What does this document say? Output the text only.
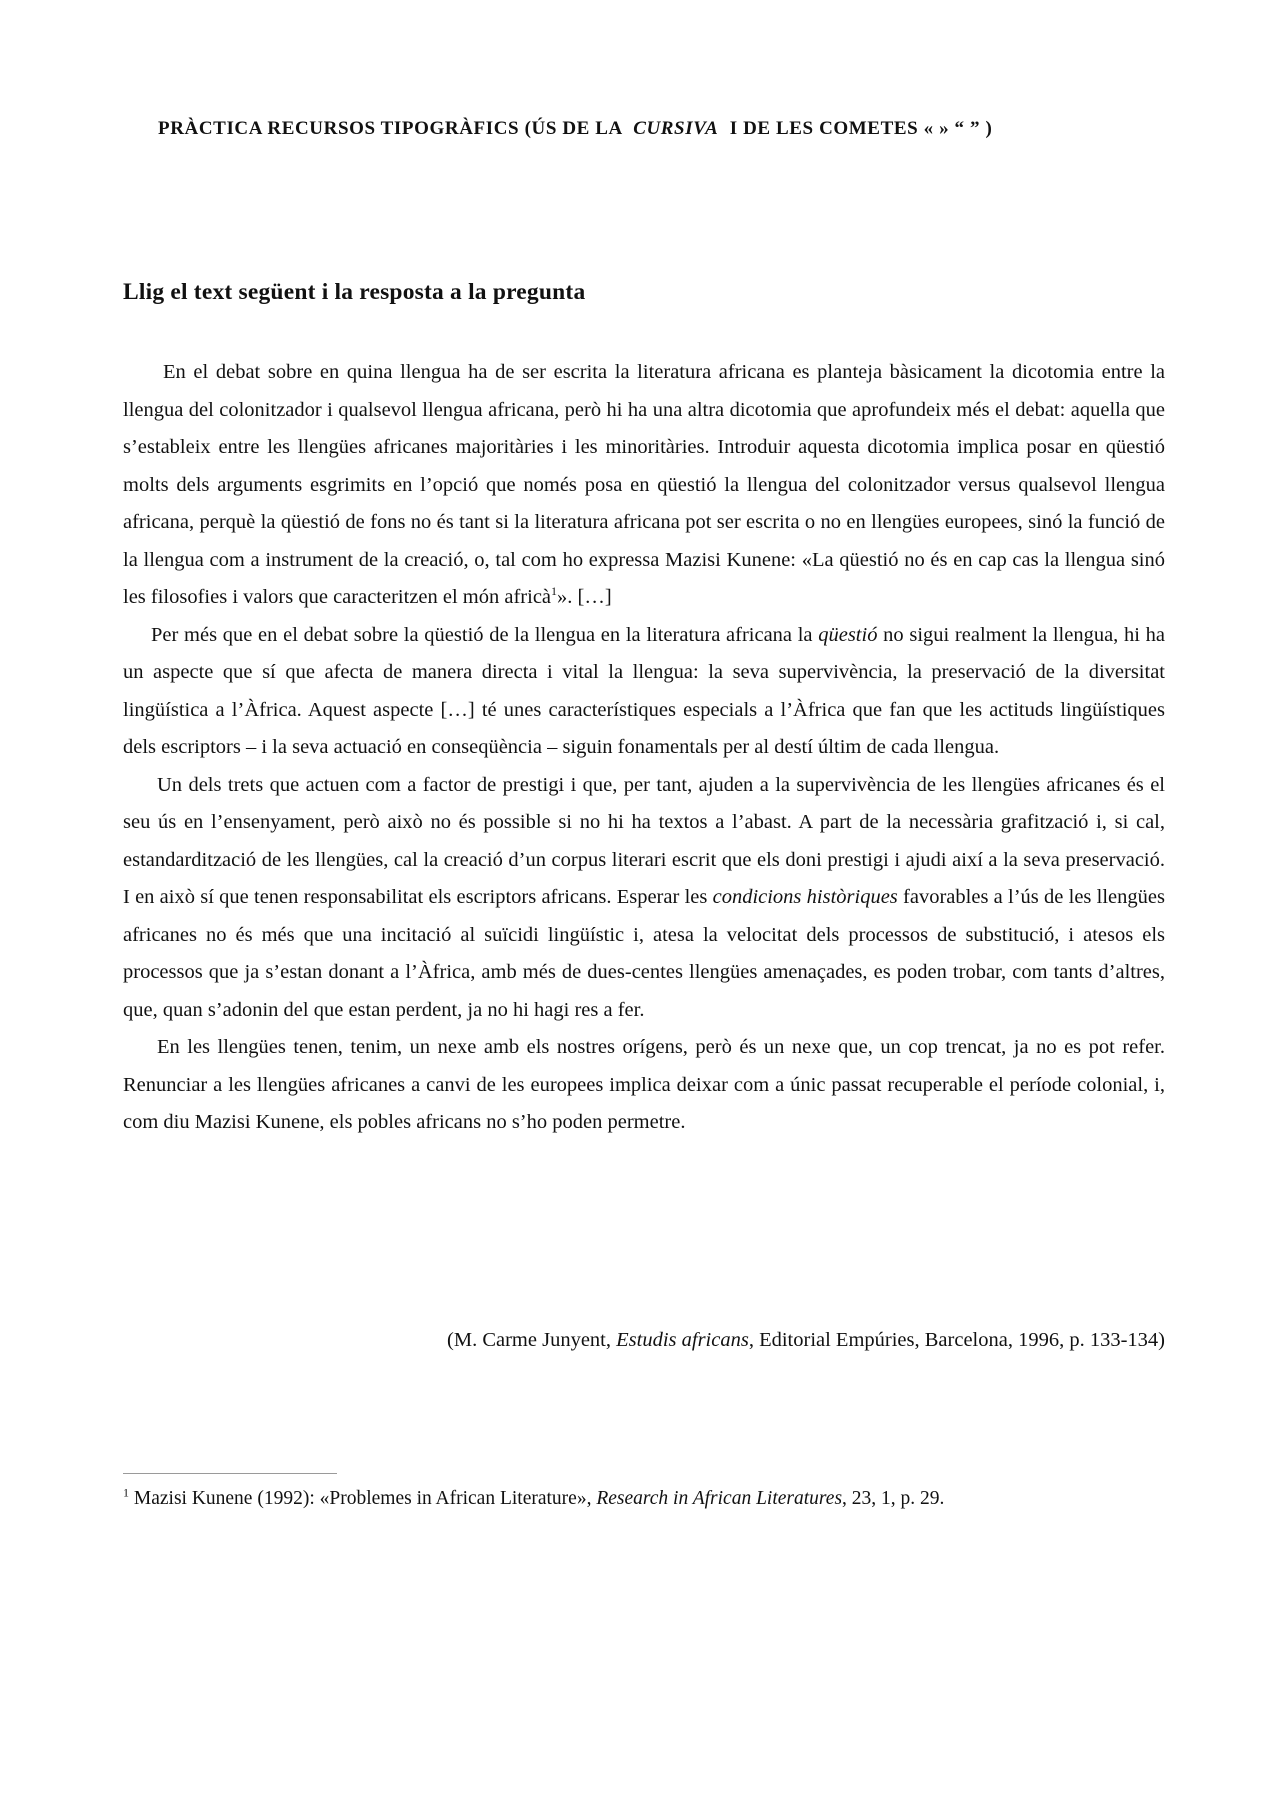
PRÀCTICA RECURSOS TIPOGRÀFICS (ÚS DE LA CURSIVA I DE LES COMETES « » “ ” )
Llig el text següent i la resposta a la pregunta

En el debat sobre en quina llengua ha de ser escrita la literatura africana es planteja bàsicament la dicotomia entre la llengua del colonitzador i qualsevol llengua africana, però hi ha una altra dicotomia que aprofundeix més el debat: aquella que s’estableix entre les llengües africanes majoritàries i les minoritàries. Introduir aquesta dicotomia implica posar en qüestió molts dels arguments esgrimits en l’opció que només posa en qüestió la llengua del colonitzador versus qualsevol llengua africana, perquè la qüestió de fons no és tant si la literatura africana pot ser escrita o no en llengües europees, sinó la funció de la llengua com a instrument de la creació, o, tal com ho expressa Mazisi Kunene: «La qüestió no és en cap cas la llengua sinó les filosofies i valors que caracteritzen el món africà$^1$». […]

Per més que en el debat sobre la qüestió de la llengua en la literatura africana la qüestió no sigui realment la llengua, hi ha un aspecte que sí que afecta de manera directa i vital la llengua: la seva supervivència, la preservació de la diversitat lingüística a l’Àfrica. Aquest aspecte […] té unes característiques especials a l’Àfrica que fan que les actituds lingüístiques dels escriptors – i la seva actuació en conseqüència – siguin fonamentals per al destí últim de cada llengua.

Un dels trets que actuen com a factor de prestigi i que, per tant, ajuden a la supervivència de les llengües africanes és el seu ús en l’ensenyament, però això no és possible si no hi ha textos a l’abast. A part de la necessària grafització i, si cal, estandardització de les llengües, cal la creació d’un corpus literari escrit que els doni prestigi i ajudi així a la seva preservació. I en això sí que tenen responsabilitat els escriptors africans. Esperar les condicions històriques favorables a l’ús de les llengües africanes no és més que una incitació al suïcidi lingüístic i, atesa la velocitat dels processos de substitució, i atesos els processos que ja s’estan donant a l’Àfrica, amb més de dues-centes llengües amenaçades, es poden trobar, com tants d’altres, que, quan s’adonin del que estan perdent, ja no hi hagi res a fer.

En les llengües tenen, tenim, un nexe amb els nostres orígens, però és un nexe que, un cop trencat, ja no es pot refer. Renunciar a les llengües africanes a canvi de les europees implica deixar com a únic passat recuperable el període colonial, i, com diu Mazisi Kunene, els pobles africans no s’ho poden permetre.

(M. Carme Junyent, Estudis africans, Editorial Empúries, Barcelona, 1996, p. 133-134)
$^1$ Mazisi Kunene (1992): «Problemes in African Literature», Research in African Literatures, 23, 1, p. 29.
